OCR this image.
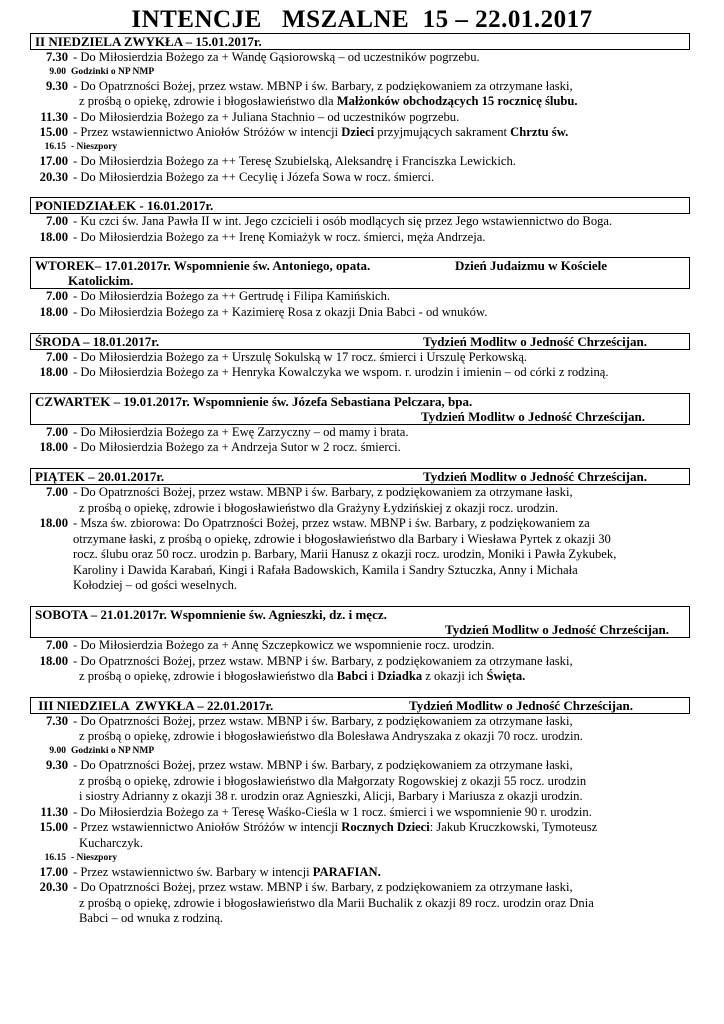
INTENCJE   MSZALNE  15 – 22.01.2017
II NIEDZIELA ZWYKŁA – 15.01.2017r.
7.30 - Do Miłosierdzia Bożego za + Wandę Gąsiorowską – od uczestników pogrzebu.
9.00 Godzinki o NP NMP
9.30 - Do Opatrzności Bożej, przez wstaw. MBNP i św. Barbary, z podziękowaniem za otrzymane łaski,
z prośbą o opiekę, zdrowie i błogosławieństwo dla Małżonków obchodzących 15 rocznicę ślubu.
11.30 - Do Miłosierdzia Bożego za + Juliana Stachnio – od uczestników pogrzebu.
15.00 - Przez wstawiennictwo Aniołów Stróżów w intencji Dzieci przyjmujących sakrament Chrztu św.
16.15 - Nieszpory
17.00 - Do Miłosierdzia Bożego za ++ Teresę Szubielską, Aleksandrę i Franciszka Lewickich.
20.30 - Do Miłosierdzia Bożego za ++ Cecylię i Józefa Sowa w rocz. śmierci.
PONIEDZIAŁEK - 16.01.2017r.
7.00 - Ku czci św. Jana Pawła II w int. Jego czcicieli i osób modlących się przez Jego wstawiennictwo do Boga.
18.00 - Do Miłosierdzia Bożego za ++ Irenę Komiażyk w rocz. śmierci, męża Andrzeja.
WTOREK– 17.01.2017r. Wspomnienie św. Antoniego, opata.	Dzień Judaizmu w Kościele
Katolickim.
7.00 - Do Miłosierdzia Bożego za ++ Gertrudę i Filipa Kamińskich.
18.00 - Do Miłosierdzia Bożego za + Kazimierę Rosa z okazji Dnia Babci - od wnuków.
ŚRODA – 18.01.2017r.	Tydzień Modlitw o Jedność Chrześcijan.
7.00 - Do Miłosierdzia Bożego za + Urszulę Sokulską w 17 rocz. śmierci i Urszulę Perkowską.
18.00 - Do Miłosierdzia Bożego za + Henryka Kowalczyka we wspom. r. urodzin i imienin – od córki z rodziną.
CZWARTEK – 19.01.2017r. Wspomnienie św. Józefa Sebastiana Pelczara, bpa.
Tydzień Modlitw o Jedność Chrześcijan.
7.00 - Do Miłosierdzia Bożego za + Ewę Zarzyczny – od mamy i brata.
18.00 - Do Miłosierdzia Bożego za + Andrzeja Sutor w 2 rocz. śmierci.
PIĄTEK – 20.01.2017r.	Tydzień Modlitw o Jedność Chrześcijan.
7.00 - Do Opatrzności Bożej, przez wstaw. MBNP i św. Barbary, z podziękowaniem za otrzymane łaski,
z prośbą o opiekę, zdrowie i błogosławieństwo dla Grażyny Łydzińskiej z okazji rocz. urodzin.
18.00 - Msza św. zbiorowa: Do Opatrzności Bożej, przez wstaw. MBNP i św. Barbary, z podziękowaniem za
otrzymane łaski, z prośbą o opiekę, zdrowie i błogosławieństwo dla Barbary i Wiesława Pyrtek z okazji 30
rocz. ślubu oraz 50 rocz. urodzin p. Barbary, Marii Hanusz z okazji rocz. urodzin, Moniki i Pawła Zykubek,
Karoliny i Dawida Karabań, Kingi i Rafała Badowskich, Kamila i Sandry Sztuczka, Anny i Michała
Kołodziej – od gości weselnych.
SOBOTA – 21.01.2017r. Wspomnienie św. Agnieszki, dz. i męcz.
Tydzień Modlitw o Jedność Chrześcijan.
7.00 - Do Miłosierdzia Bożego za + Annę Szczepkowicz we wspomnienie rocz. urodzin.
18.00 - Do Opatrzności Bożej, przez wstaw. MBNP i św. Barbary, z podziękowaniem za otrzymane łaski,
z prośbą o opiekę, zdrowie i błogosławieństwo dla Babci i Dziadka z okazji ich Święta.
III NIEDZIELA  ZWYKŁA – 22.01.2017r.	Tydzień Modlitw o Jedność Chrześcijan.
7.30 - Do Opatrzności Bożej, przez wstaw. MBNP i św. Barbary, z podziękowaniem za otrzymane łaski,
z prośbą o opiekę, zdrowie i błogosławieństwo dla Bolesława Andryszaka z okazji 70 rocz. urodzin.
9.00 Godzinki o NP NMP
9.30 - Do Opatrzności Bożej, przez wstaw. MBNP i św. Barbary, z podziękowaniem za otrzymane łaski,
z prośbą o opiekę, zdrowie i błogosławieństwo dla Małgorzaty Rogowskiej z okazji 55 rocz. urodzin
i siostry Adrianny z okazji 38 r. urodzin oraz Agnieszki, Alicji, Barbary i Mariusza z okazji urodzin.
11.30 - Do Miłosierdzia Bożego za + Teresę Waśko-Cieśla w 1 rocz. śmierci i we wspomnienie 90 r. urodzin.
15.00 - Przez wstawiennictwo Aniołów Stróżów w intencji Rocznych Dzieci: Jakub Kruczkowski, Tymoteusz
Kucharczyk.
16.15 - Nieszpory
17.00 - Przez wstawiennictwo św. Barbary w intencji PARAFIAN.
20.30 - Do Opatrzności Bożej, przez wstaw. MBNP i św. Barbary, z podziękowaniem za otrzymane łaski,
z prośbą o opiekę, zdrowie i błogosławieństwo dla Marii Buchalik z okazji 89 rocz. urodzin oraz Dnia
Babci – od wnuka z rodziną.
